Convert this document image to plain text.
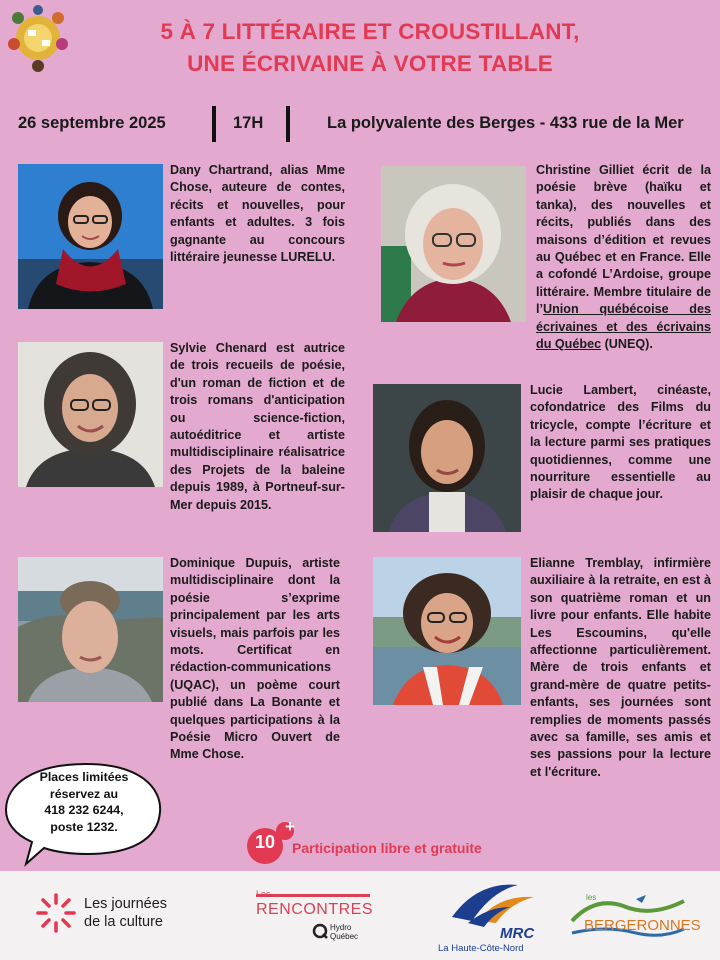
5 À 7 LITTÉRAIRE ET CROUSTILLANT,
UNE ÉCRIVAINE À VOTRE TABLE
26 septembre 2025	17H	La polyvalente des Berges - 433 rue de la Mer
Dany Chartrand, alias Mme Chose, auteure de contes, récits et nouvelles, pour enfants et adultes. 3 fois gagnante au concours littéraire jeunesse LURELU.
Christine Gilliet écrit de la poésie brève (haïku et tanka), des nouvelles et récits, publiés dans des maisons d’édition et revues au Québec et en France. Elle a cofondé L’Ardoise, groupe littéraire. Membre titulaire de l’Union québécoise des écrivaines et des écrivains du Québec (UNEQ).
Sylvie Chenard est autrice de trois recueils de poésie, d'un roman de fiction et de trois romans d'anticipation ou science-fiction, autoéditrice et artiste multidisciplinaire réalisatrice des Projets de la baleine depuis 1989, à Portneuf-sur-Mer depuis 2015.
Lucie Lambert, cinéaste, cofondatrice des Films du tricycle, compte l’écriture et la lecture parmi ses pratiques quotidiennes, comme une nourriture essentielle au plaisir de chaque jour.
Dominique Dupuis, artiste multidisciplinaire dont la poésie s’exprime principalement par les arts visuels, mais parfois par les mots. Certificat en rédaction-communications (UQAC), un poème court publié dans La Bonante et quelques participations à la Poésie Micro Ouvert de Mme Chose.
Elianne Tremblay, infirmière auxiliaire à la retraite, en est à son quatrième roman et un livre pour enfants. Elle habite Les Escoumins, qu'elle affectionne particulièrement. Mère de trois enfants et grand-mère de quatre petits-enfants, ses journées sont remplies de moments passés avec sa famille, ses amis et ses passions pour la lecture et l'écriture.
Places limitées
réservez au
418 232 6244,
poste 1232.
10
+
Participation libre et gratuite
Les journées
de la culture
RENCONTRES
Hydro
Québec	MRC
La Haute-Côte-Nord
les
BERGERONNES
